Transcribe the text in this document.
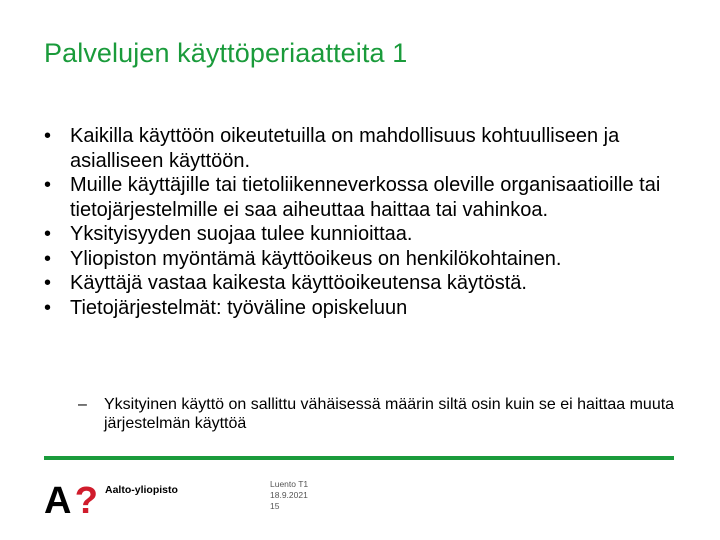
Palvelujen käyttöperiaatteita 1
• Kaikilla käyttöön oikeutetuilla on mahdollisuus kohtuulliseen ja asialliseen käyttöön.
• Muille käyttäjille tai tietoliikenneverkossa oleville organisaatioille tai tietojärjestelmille ei saa aiheuttaa haittaa tai vahinkoa.
• Yksityisyyden suojaa tulee kunnioittaa.
• Yliopiston myöntämä käyttöoikeus on henkilökohtainen.
• Käyttäjä vastaa kaikesta käyttöoikeutensa käytöstä.
• Tietojärjestelmät: työväline opiskeluun
– Yksityinen käyttö on sallittu vähäisessä määrin siltä osin kuin se ei haittaa muuta järjestelmän käyttöä
A? Aalto-yliopisto	Luento T1
18.9.2021
15
